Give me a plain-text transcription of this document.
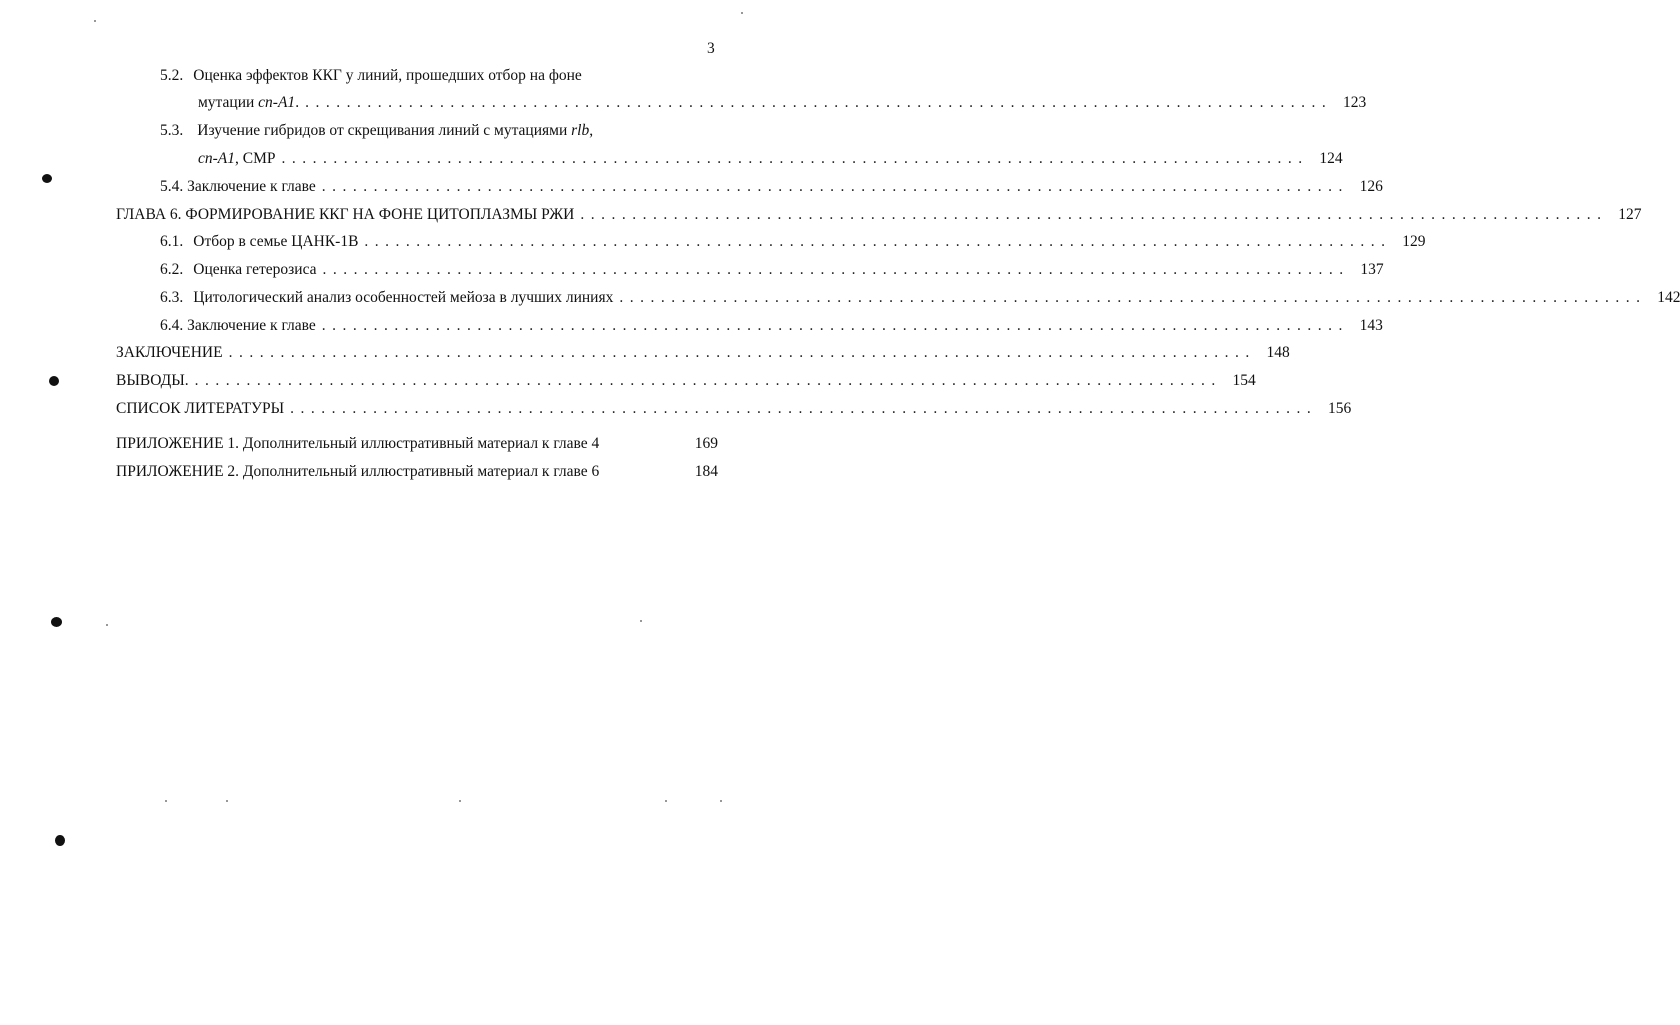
3
5.2. Оценка эффектов ККГ у линий, прошедших отбор на фоне
мутации cn-A1. ................................................................................................... 123
5.3. Изучение гибридов от скрещивания линий с мутациями rlb,
cn-A1, СМР ................................................................................................... 124
5.4. Заключение к главе ................................................................................................... 126
ГЛАВА 6. ФОРМИРОВАНИЕ ККГ НА ФОНЕ ЦИТОПЛАЗМЫ РЖИ ................................................................................................... 127
6.1. Отбор в семье ЦАНК-1В ................................................................................................... 129
6.2. Оценка гетерозиса ................................................................................................... 137
6.3. Цитологический анализ особенностей мейоза в лучших линиях ................................................................................................... 142
6.4. Заключение к главе ................................................................................................... 143
ЗАКЛЮЧЕНИЕ ................................................................................................... 148
ВЫВОДЫ. ................................................................................................... 154
СПИСОК ЛИТЕРАТУРЫ ................................................................................................... 156
ПРИЛОЖЕНИЕ 1. Дополнительный иллюстративный материал к главе 4	169
ПРИЛОЖЕНИЕ 2. Дополнительный иллюстративный материал к главе 6	184
